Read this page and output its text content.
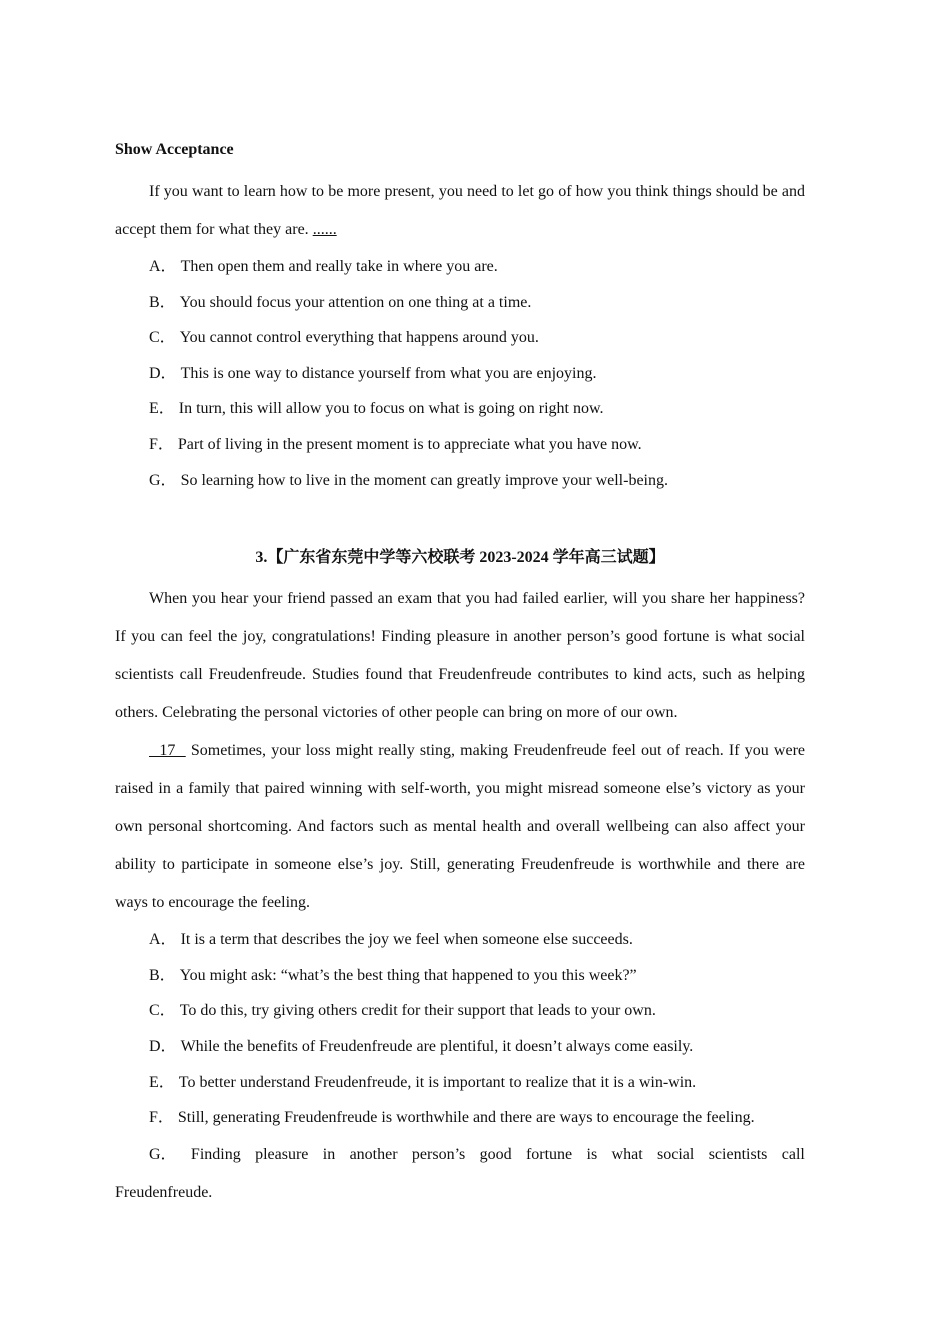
Show Acceptance

If you want to learn how to be more present, you need to let go of how you think things should be and accept them for what they are. ......

A． Then open them and really take in where you are.

B． You should focus your attention on one thing at a time.

C． You cannot control everything that happens around you.

D． This is one way to distance yourself from what you are enjoying.

E． In turn, this will allow you to focus on what is going on right now.

F． Part of living in the present moment is to appreciate what you have now.

G． So learning how to live in the moment can greatly improve your well-being.

3.【广东省东莞中学等六校联考 2023-2024 学年高三试题】

When you hear your friend passed an exam that you had failed earlier, will you share her happiness? If you can feel the joy, congratulations! Finding pleasure in another person’s good fortune is what social scientists call Freudenfreude. Studies found that Freudenfreude contributes to kind acts, such as helping others. Celebrating the personal victories of other people can bring on more of our own.

17   Sometimes, your loss might really sting, making Freudenfreude feel out of reach. If you were raised in a family that paired winning with self-worth, you might misread someone else’s victory as your own personal shortcoming. And factors such as mental health and overall wellbeing can also affect your ability to participate in someone else’s joy. Still, generating Freudenfreude is worthwhile and there are ways to encourage the feeling.

A． It is a term that describes the joy we feel when someone else succeeds.

B． You might ask: “what’s the best thing that happened to you this week?”

C． To do this, try giving others credit for their support that leads to your own.

D． While the benefits of Freudenfreude are plentiful, it doesn’t always come easily.

E． To better understand Freudenfreude, it is important to realize that it is a win-win.

F． Still, generating Freudenfreude is worthwhile and there are ways to encourage the feeling.

G． Finding pleasure in another person’s good fortune is what social scientists call

Freudenfreude.
